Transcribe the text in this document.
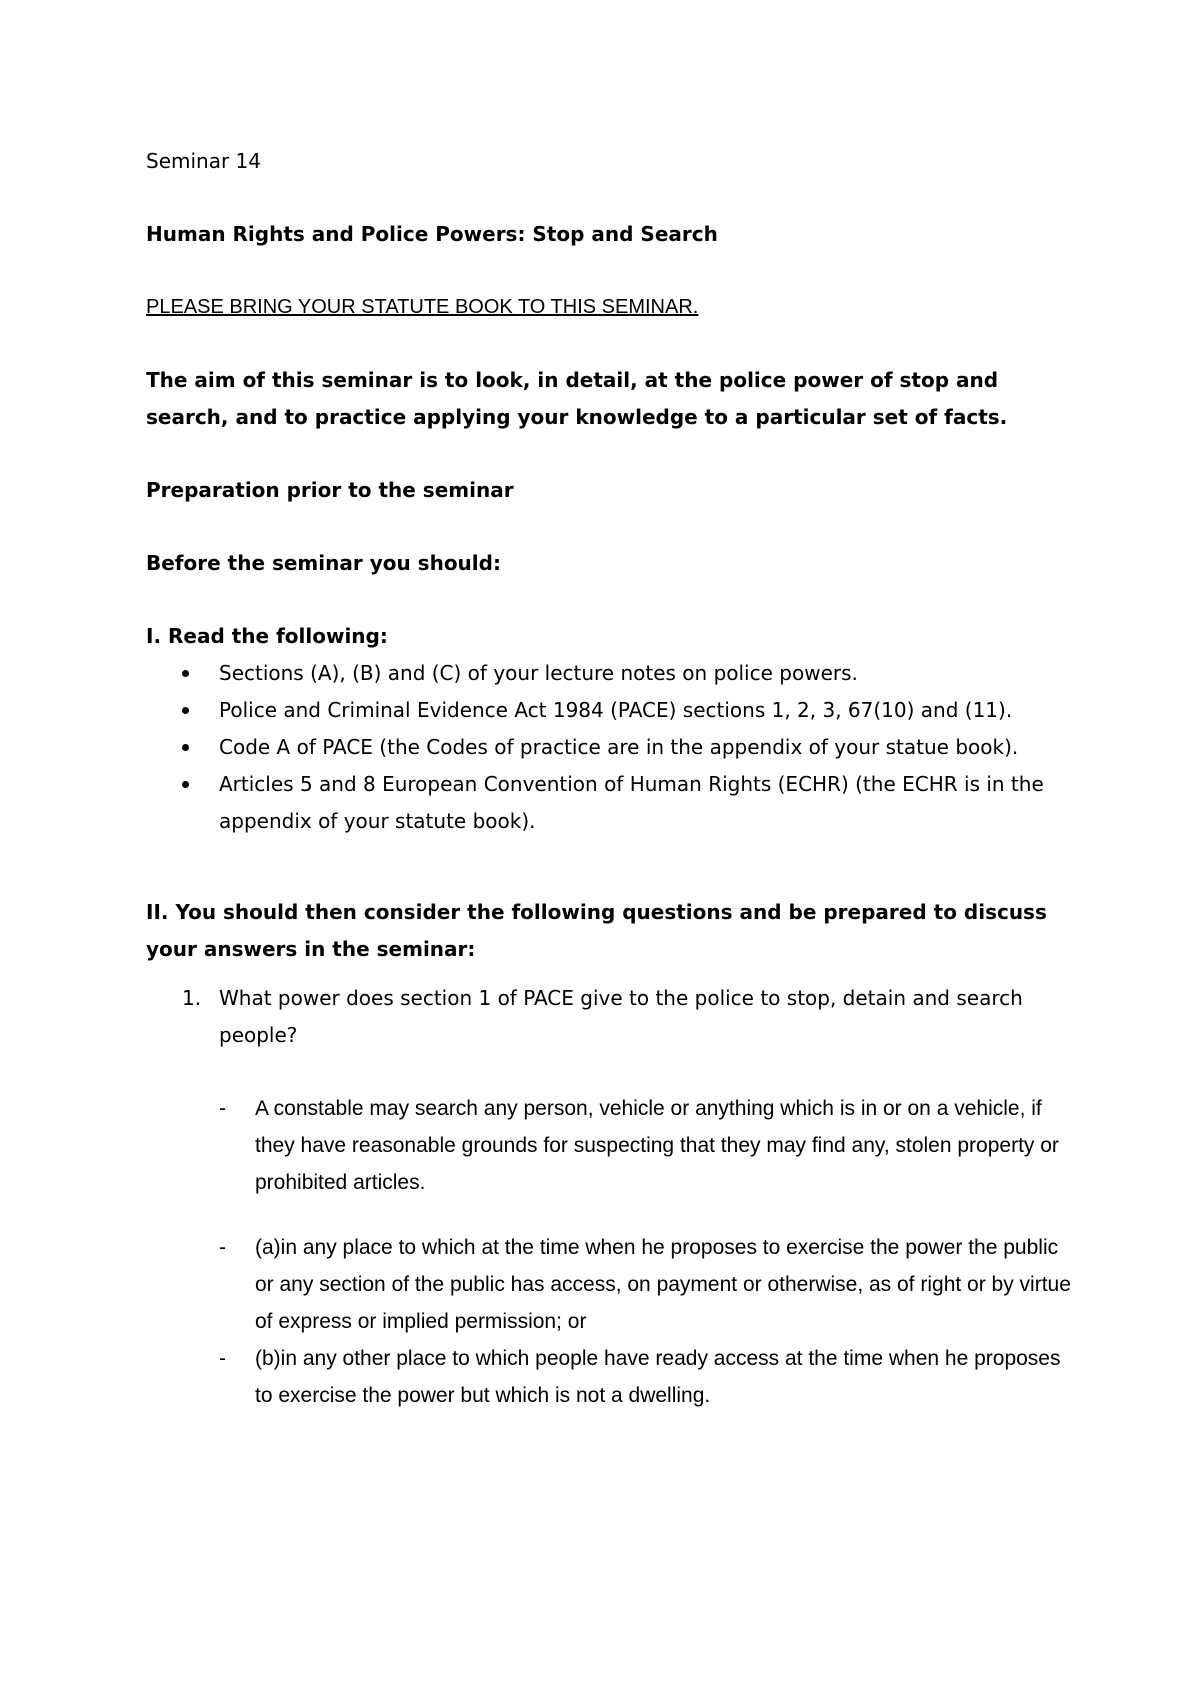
Seminar 14

Human Rights and Police Powers: Stop and Search

PLEASE BRING YOUR STATUTE BOOK TO THIS SEMINAR.

The aim of this seminar is to look, in detail, at the police power of stop and search, and to practice applying your knowledge to a particular set of facts.

Preparation prior to the seminar

Before the seminar you should:

I. Read the following:

Sections (A), (B) and (C) of your lecture notes on police powers.
Police and Criminal Evidence Act 1984 (PACE) sections 1, 2, 3, 67(10) and (11).
Code A of PACE (the Codes of practice are in the appendix of your statue book).
Articles 5 and 8 European Convention of Human Rights (ECHR) (the ECHR is in the appendix of your statute book).

II. You should then consider the following questions and be prepared to discuss your answers in the seminar:

1. What power does section 1 of PACE give to the police to stop, detain and search people?
- A constable may search any person, vehicle or anything which is in or on a vehicle, if they have reasonable grounds for suspecting that they may find any, stolen property or prohibited articles.
- (a)in any place to which at the time when he proposes to exercise the power the public or any section of the public has access, on payment or otherwise, as of right or by virtue of express or implied permission; or
- (b)in any other place to which people have ready access at the time when he proposes to exercise the power but which is not a dwelling.
